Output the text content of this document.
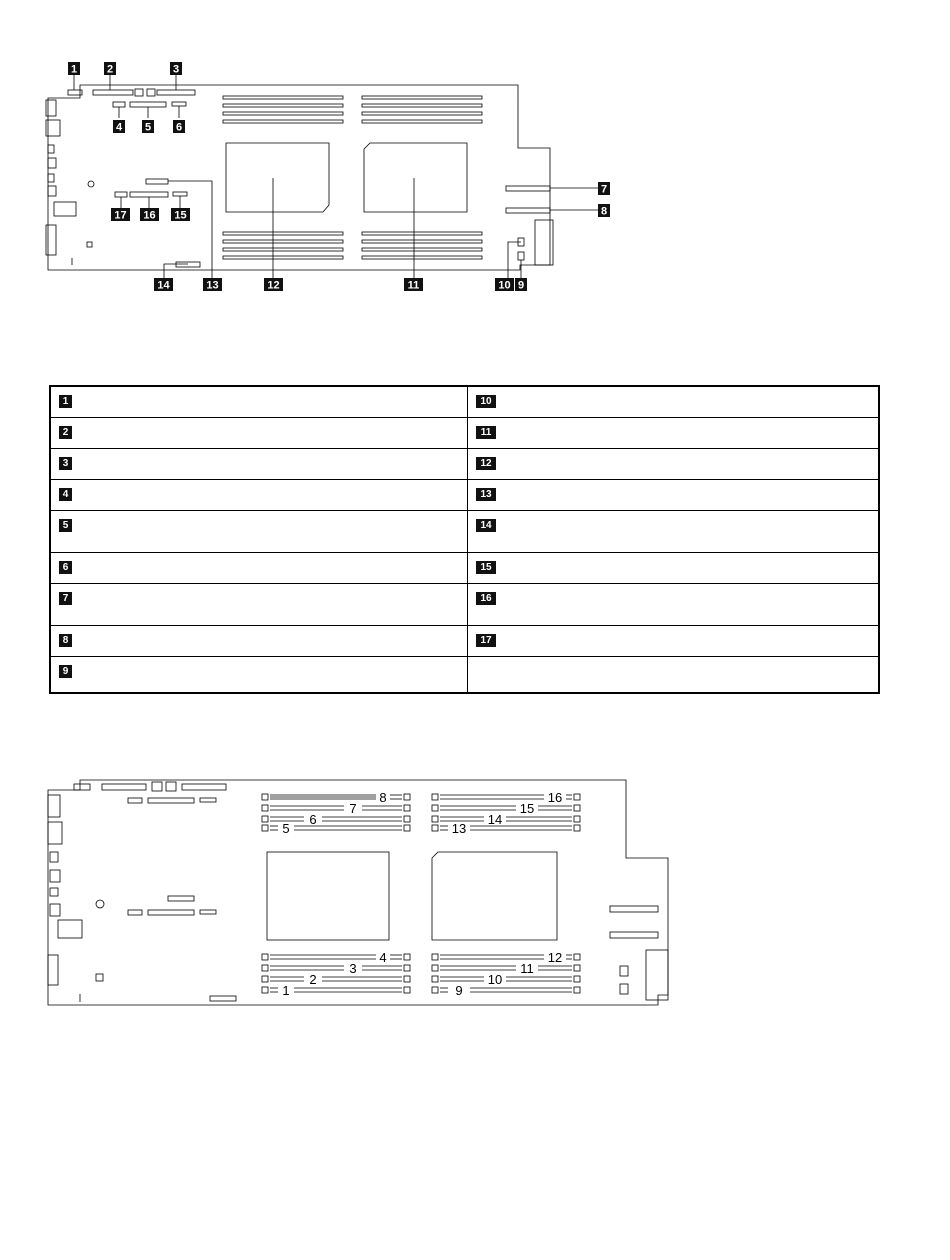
1	2	3
4 5 6
7
8
9
10
11
12
13
14
15
16
17
1	10
2	11
3	12
4	13
5	14
6	15
7	16
8	17
9
8
7
6
5
4
3
2
1
16
15
14
13
12
11
10
9
